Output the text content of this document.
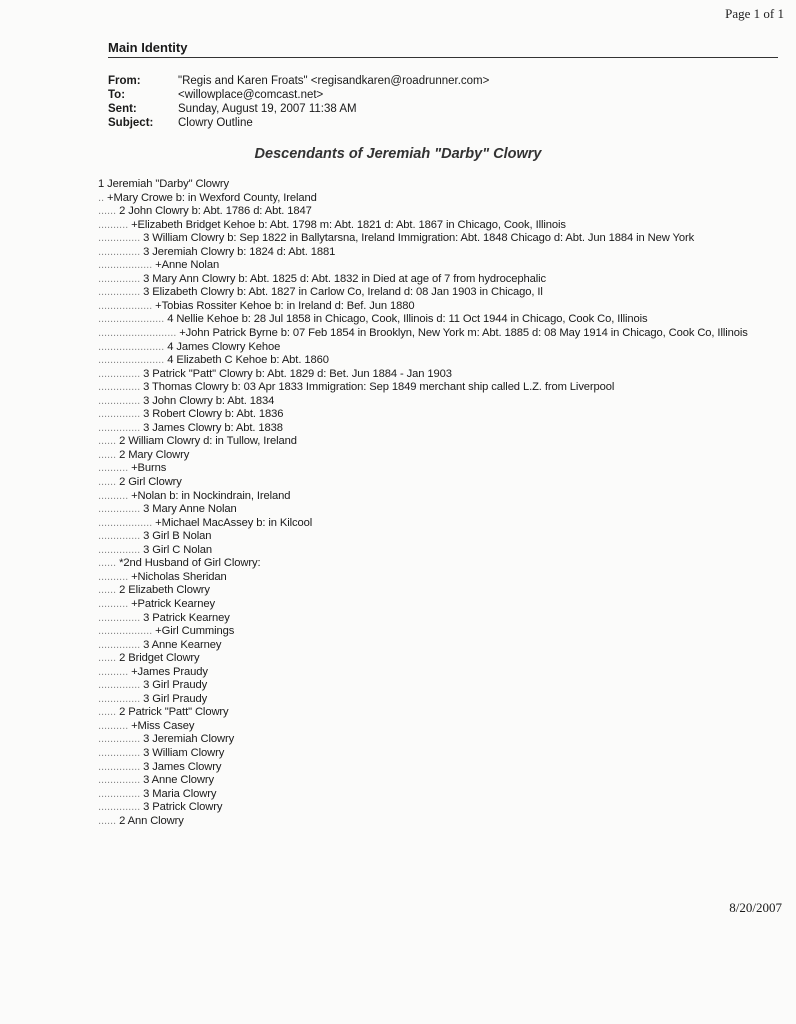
Page 1 of 1
Main Identity
From:	"Regis and Karen Froats" <regisandkaren@roadrunner.com>
To:	<willowplace@comcast.net>
Sent:	Sunday, August 19, 2007 11:38 AM
Subject:	Clowry Outline
Descendants of Jeremiah "Darby" Clowry
1 Jeremiah "Darby" Clowry
.. +Mary Crowe b: in Wexford County, Ireland
...... 2 John Clowry b: Abt. 1786 d: Abt. 1847
.......... +Elizabeth Bridget Kehoe b: Abt. 1798 m: Abt. 1821 d: Abt. 1867 in Chicago, Cook, Illinois
.............. 3 William Clowry b: Sep 1822 in Ballytarsna, Ireland Immigration: Abt. 1848 Chicago d: Abt. Jun 1884 in New York
.............. 3 Jeremiah Clowry b: 1824 d: Abt. 1881
.................. +Anne Nolan
.............. 3 Mary Ann Clowry b: Abt. 1825 d: Abt. 1832 in Died at age of 7 from hydrocephalic
.............. 3 Elizabeth Clowry b: Abt. 1827 in Carlow Co, Ireland d: 08 Jan 1903 in Chicago, Il
.................. +Tobias Rossiter Kehoe b: in Ireland d: Bef. Jun 1880
...................... 4 Nellie Kehoe b: 28 Jul 1858 in Chicago, Cook, Illinois d: 11 Oct 1944 in Chicago, Cook Co, Illinois
.......................... +John Patrick Byrne b: 07 Feb 1854 in Brooklyn, New York m: Abt. 1885 d: 08 May 1914 in Chicago, Cook Co, Illinois
...................... 4 James Clowry Kehoe
...................... 4 Elizabeth C Kehoe b: Abt. 1860
.............. 3 Patrick "Patt" Clowry b: Abt. 1829 d: Bet. Jun 1884 - Jan 1903
.............. 3 Thomas Clowry b: 03 Apr 1833 Immigration: Sep 1849 merchant ship called L.Z. from Liverpool
.............. 3 John Clowry b: Abt. 1834
.............. 3 Robert Clowry b: Abt. 1836
.............. 3 James Clowry b: Abt. 1838
...... 2 William Clowry d: in Tullow, Ireland
...... 2 Mary Clowry
.......... +Burns
...... 2 Girl Clowry
.......... +Nolan b: in Nockindrain, Ireland
.............. 3 Mary Anne Nolan
.................. +Michael MacAssey b: in Kilcool
.............. 3 Girl B Nolan
.............. 3 Girl C Nolan
...... *2nd Husband of Girl Clowry:
.......... +Nicholas Sheridan
...... 2 Elizabeth Clowry
.......... +Patrick Kearney
.............. 3 Patrick Kearney
.................. +Girl Cummings
.............. 3 Anne Kearney
...... 2 Bridget Clowry
.......... +James Praudy
.............. 3 Girl Praudy
.............. 3 Girl Praudy
...... 2 Patrick "Patt" Clowry
.......... +Miss Casey
.............. 3 Jeremiah Clowry
.............. 3 William Clowry
.............. 3 James Clowry
.............. 3 Anne Clowry
.............. 3 Maria Clowry
.............. 3 Patrick Clowry
...... 2 Ann Clowry
8/20/2007
